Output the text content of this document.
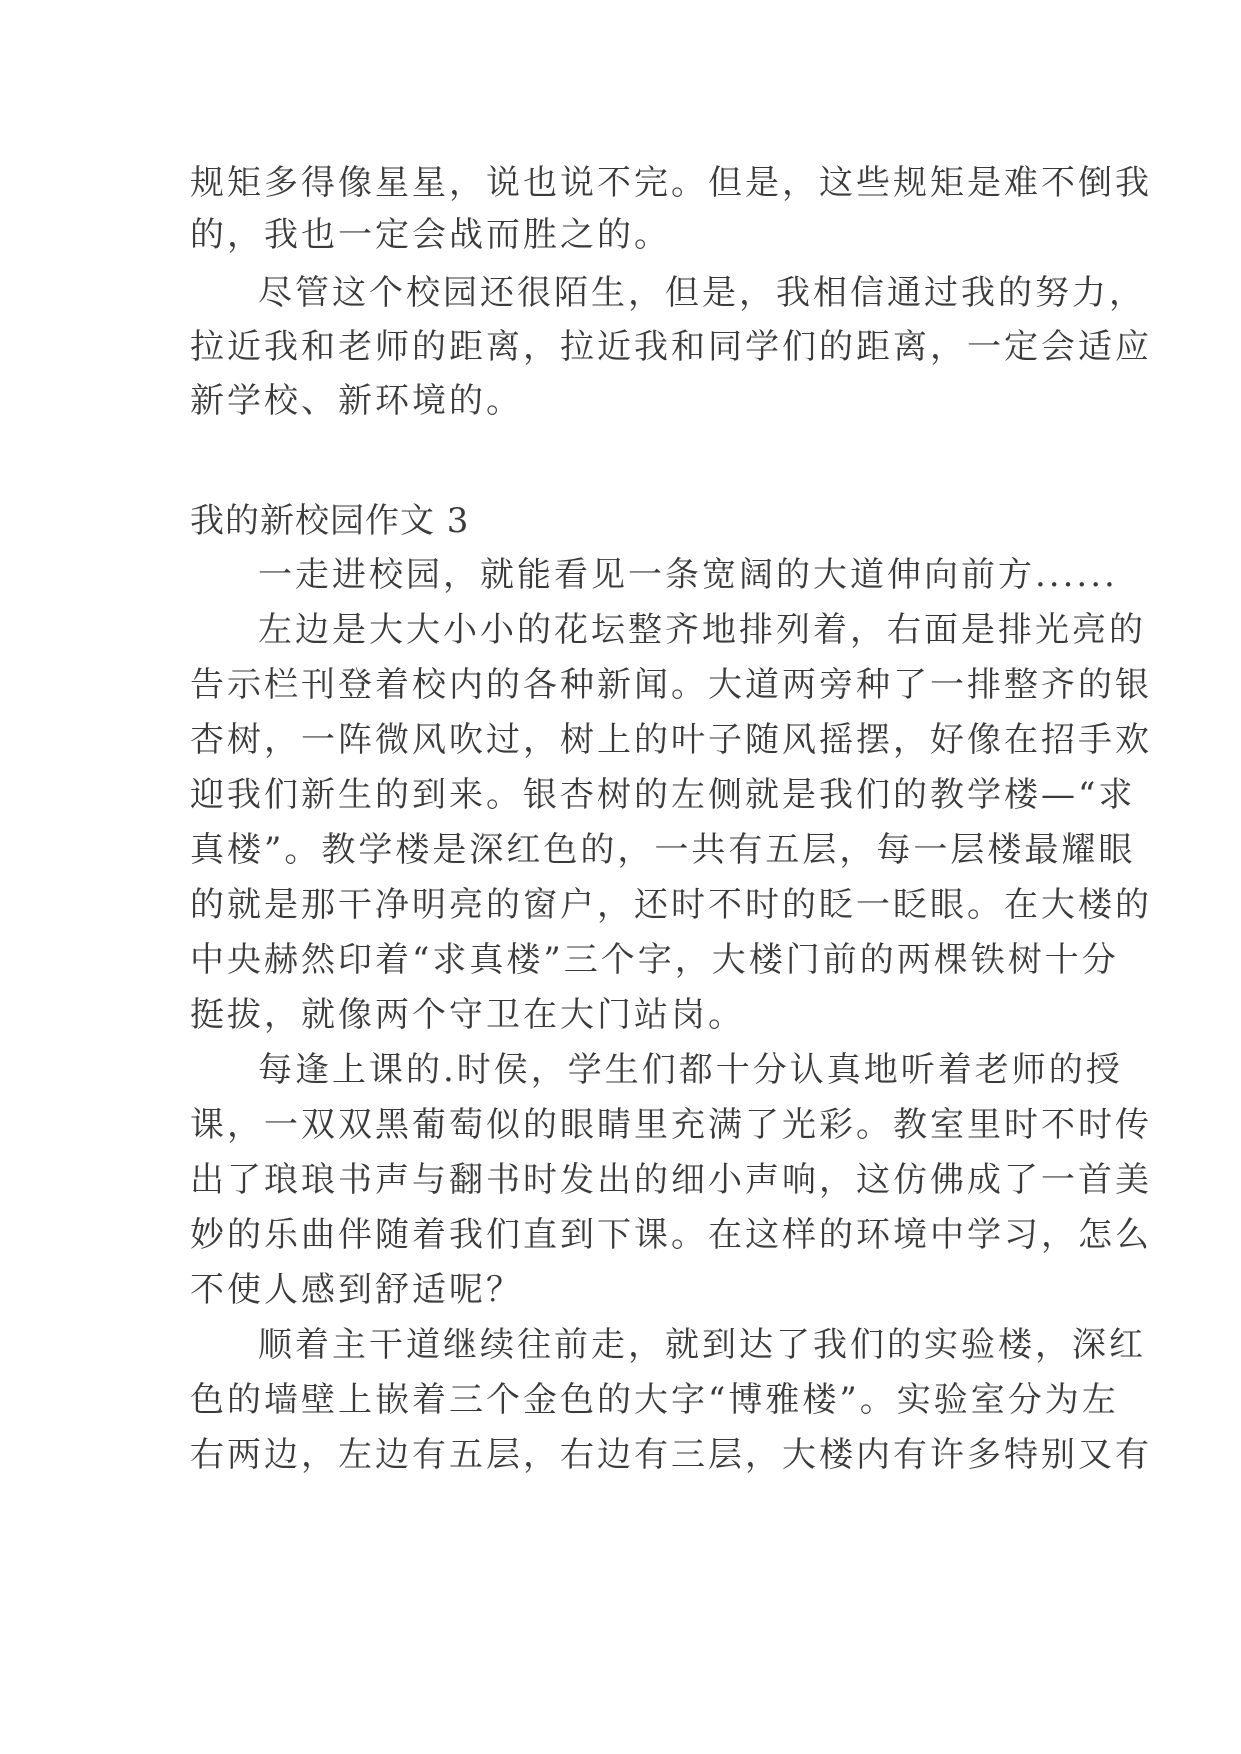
规矩多得像星星，说也说不完。但是，这些规矩是难不倒我
的，我也一定会战而胜之的。
尽管这个校园还很陌生，但是，我相信通过我的努力，
拉近我和老师的距离，拉近我和同学们的距离，一定会适应
新学校、新环境的。
我的新校园作文 3
一走进校园，就能看见一条宽阔的大道伸向前方......
左边是大大小小的花坛整齐地排列着，右面是排光亮的
告示栏刊登着校内的各种新闻。大道两旁种了一排整齐的银
杏树，一阵微风吹过，树上的叶子随风摇摆，好像在招手欢
迎我们新生的到来。银杏树的左侧就是我们的教学楼—“求
真楼”。教学楼是深红色的，一共有五层，每一层楼最耀眼
的就是那干净明亮的窗户，还时不时的眨一眨眼。在大楼的
中央赫然印着“求真楼”三个字，大楼门前的两棵铁树十分
挺拔，就像两个守卫在大门站岗。
每逢上课的.时侯，学生们都十分认真地听着老师的授
课，一双双黑葡萄似的眼睛里充满了光彩。教室里时不时传
出了琅琅书声与翻书时发出的细小声响，这仿佛成了一首美
妙的乐曲伴随着我们直到下课。在这样的环境中学习，怎么
不使人感到舒适呢？
顺着主干道继续往前走，就到达了我们的实验楼，深红
色的墙壁上嵌着三个金色的大字“博雅楼”。实验室分为左
右两边，左边有五层，右边有三层，大楼内有许多特别又有
